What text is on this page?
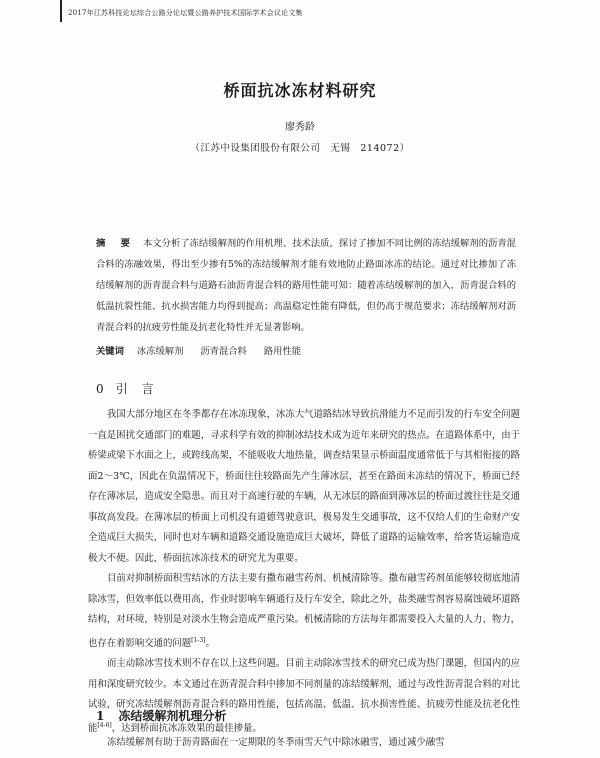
2017年江苏科技论坛综合公路分论坛暨公路养护技术国际学术会议论文集
桥面抗冰冻材料研究
廖秀龄
（江苏中设集团股份有限公司　无锡　214072）
摘　要 本文分析了冻结缓解剂的作用机理、技术法质，探讨了掺加不同比例的冻结缓解剂的沥青混合料的冻融效果，得出至少掺有5%的冻结缓解剂才能有效地防止路面冰冻的结论。通过对比掺加了冻结缓解剂的沥青混合料与道路石油沥青混合料的路用性能可知：随着冻结缓解剂的加入，沥青混合料的低温抗裂性能、抗水损害能力均得到提高；高温稳定性能有降低，但仍高于规范要求；冻结缓解剂对沥青混合料的抗疲劳性能及抗老化特性并无显著影响。
关键词 冰冻缓解剂 沥青混合料 路用性能
0 引言

我国大部分地区在冬季都存在冰冻现象，冰冻大气道路结冰导致抗滑能力不足而引发的行车安全问题一直是困扰交通部门的难题，寻求科学有效的抑制冰结技术成为近年来研究的热点。在道路体系中，由于桥梁或梁下水面之上，或跨线高架，不能吸收大地热量，调查结果显示桥面温度通常低于与其相衔接的路面2～3℃，因此在负温情况下，桥面往往较路面先产生薄冰层，甚至在路面未冻结的情况下，桥面已经存在薄冰层，造成安全隐患。而且对于高速行驶的车辆，从无冰层的路面到薄冰层的桥面过渡往往是交通事故高发段。在薄冰层的桥面上司机没有道德驾驶意识，极易发生交通事故，这不仅给人们的生命财产安全造成巨大损失，同时也对车辆和道路交通设施造成巨大破坏，降低了道路的运输效率，给客货运输造成极大不便。因此，桥面抗冰冻技术的研究尤为重要。

目前对抑制桥面积雪结冰的方法主要有撒布融雪药剂、机械清除等。撒布融雪药剂虽能够较彻底地清除冰雪，但效率低以费用高，作业时影响车辆通行及行车安全，除此之外，盐类融雪剂容易腐蚀破坏道路结构，对环境，特别是对淡水生物会造成严重污染。机械清除的方法每年都需要投入大量的人力、物力，也存在着影响交通的问题[1-3]。

而主动除冰雪技术则不存在以上这些问题。目前主动除冰雪技术的研究已成为热门课题，但国内的应用和深度研究较少。本文通过在沥青混合料中掺加不同剂量的冻结缓解剂，通过与改性沥青混合料的对比试验，研究冻结缓解剂沥青混合料的路用性能，包括高温、低温、抗水损害性能、抗疲劳性能及抗老化性能[4-6]，达到桥面抗冰冻效果的最佳掺量。

1 冻结缓解剂机理分析
冻结缓解剂有助于沥青路面在一定期限的冬季雨雪天气中除冰融雪，通过减少融雪
